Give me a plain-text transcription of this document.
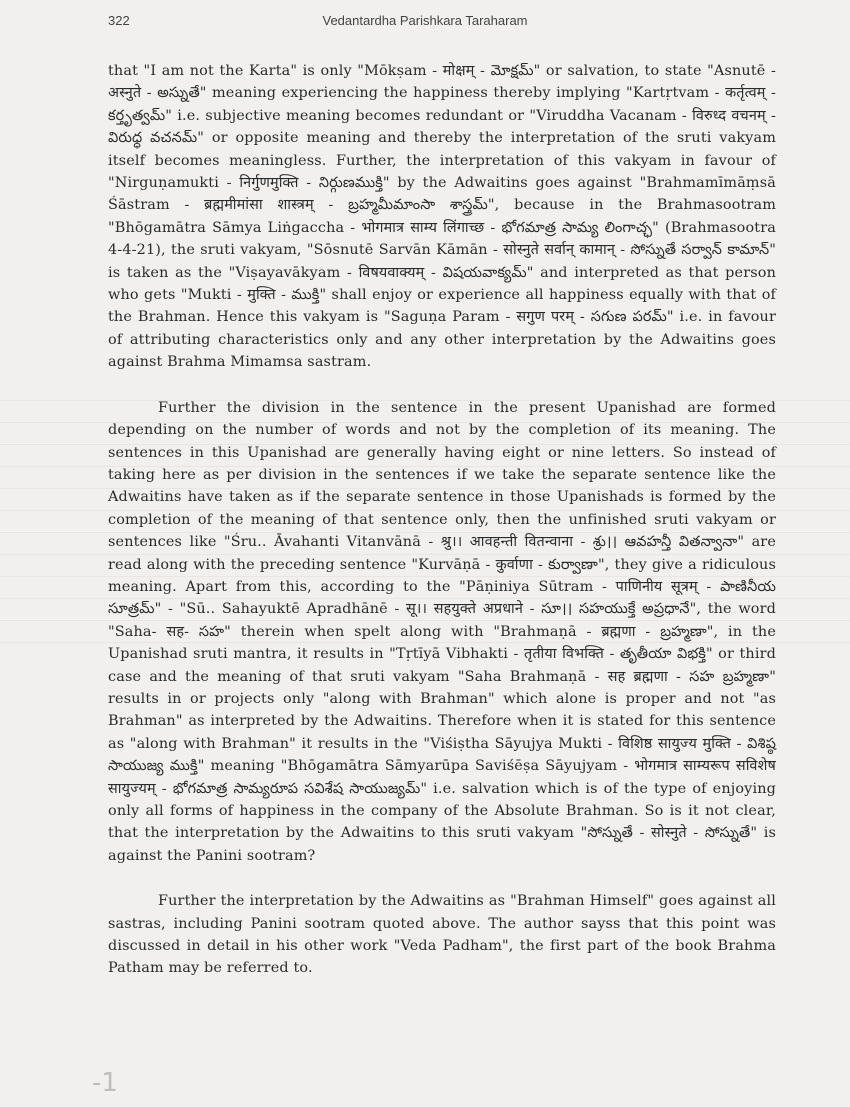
322	Vedantardha Parishkara Taraharam

that "I am not the Karta" is only "Mōkṣam - मोक्षम् - మోక్షమ్" or salvation, to state "Asnutē - अस्नुते - అస్నుతే" meaning experiencing the happiness thereby implying "Kartṛtvam - कर्तृत्वम् - కర్తృత్వమ్" i.e. subjective meaning becomes redundant or "Viruddha Vacanam - विरुध्द वचनम् - విరుధ్ధ వచనమ్" or opposite meaning and thereby the interpretation of the sruti vakyam itself becomes meaningless. Further, the interpretation of this vakyam in favour of "Nirguṇamukti - निर्गुणमुक्ति - నిర్గుణముక్తి" by the Adwaitins goes against "Brahmamīmāṃsā Śāstram - ब्रह्ममीमांसा शास्त्रम् - బ్రహ్మమీమాంసా శాస్త్రమ్", because in the Brahmasootram "Bhōgamātra Sāmya Liṅgaccha - भोगमात्र साम्य लिंगाच्छ - భోగమాత్ర సామ్య లింగాచ్ఛ" (Brahmasootra 4-4-21), the sruti vakyam, "Sōsnutē Sarvān Kāmān - सोस्नुते सर्वान् कामान् - సోస్నుతే సర్వాన్ కామాన్" is taken as the "Viṣayavākyam - विषयवाक्यम् - విషయవాక్యమ్" and interpreted as that person who gets "Mukti - मुक्ति - ముక్తి" shall enjoy or experience all happiness equally with that of the Brahman. Hence this vakyam is "Saguṇa Param - सगुण परम् - సగుణ పరమ్" i.e. in favour of attributing characteristics only and any other interpretation by the Adwaitins goes against Brahma Mimamsa sastram.

Further the division in the sentence in the present Upanishad are formed depending on the number of words and not by the completion of its meaning. The sentences in this Upanishad are generally having eight or nine letters. So instead of taking here as per division in the sentences if we take the separate sentence like the Adwaitins have taken as if the separate sentence in those Upanishads is formed by the completion of the meaning of that sentence only, then the unfinished sruti vakyam or sentences like "Śru.. Āvahanti Vitanvānā - श्रु।। आवहन्ती वितन्वाना - శ్రు।। ఆవహన్తీ వితన్వానా" are read along with the preceding sentence "Kurvāṇā - कुर्वाणा - కుర్వాణా", they give a ridiculous meaning. Apart from this, according to the "Pāṇiniya Sūtram - पाणिनीय सूत्रम् - పాణినీయ సూత్రమ్" - "Sū.. Sahayuktē Apradhānē - सू।। सहयुक्ते अप्रधाने - సూ।। సహయుక్తే అప్రధానే", the word "Saha- सह- సహ" therein when spelt along with "Brahmaṇā - ब्रह्मणा - బ్రహ్మణా", in the Upanishad sruti mantra, it results in "Tṛtīyā Vibhakti - तृतीया विभक्ति - తృతీయా విభక్తి" or third case and the meaning of that sruti vakyam "Saha Brahmaṇā - सह ब्रह्मणा - సహ బ్రహ్మణా" results in or projects only "along with Brahman" which alone is proper and not "as Brahman" as interpreted by the Adwaitins. Therefore when it is stated for this sentence as "along with Brahman" it results in the "Viśiṣtha Sāyujya Mukti - विशिष्ठ सायुज्य मुक्ति - విశిష్ఠ సాయుజ్య ముక్తి" meaning "Bhōgamātra Sāmyarūpa Saviśēṣa Sāyujyam - भोगमात्र साम्यरूप सविशेष सायुज्यम् - భోగమాత్ర సామ్యరూప సవిశేష సాయుజ్యమ్" i.e. salvation which is of the type of enjoying only all forms of happiness in the company of the Absolute Brahman. So is it not clear, that the interpretation by the Adwaitins to this sruti vakyam "సోస్నుతే - सोस्नुते - సోస్నుతే" is against the Panini sootram?

Further the interpretation by the Adwaitins as "Brahman Himself" goes against all sastras, including Panini sootram quoted above. The author sayss that this point was discussed in detail in his other work "Veda Padham", the first part of the book Brahma Patham may be referred to.

-1
